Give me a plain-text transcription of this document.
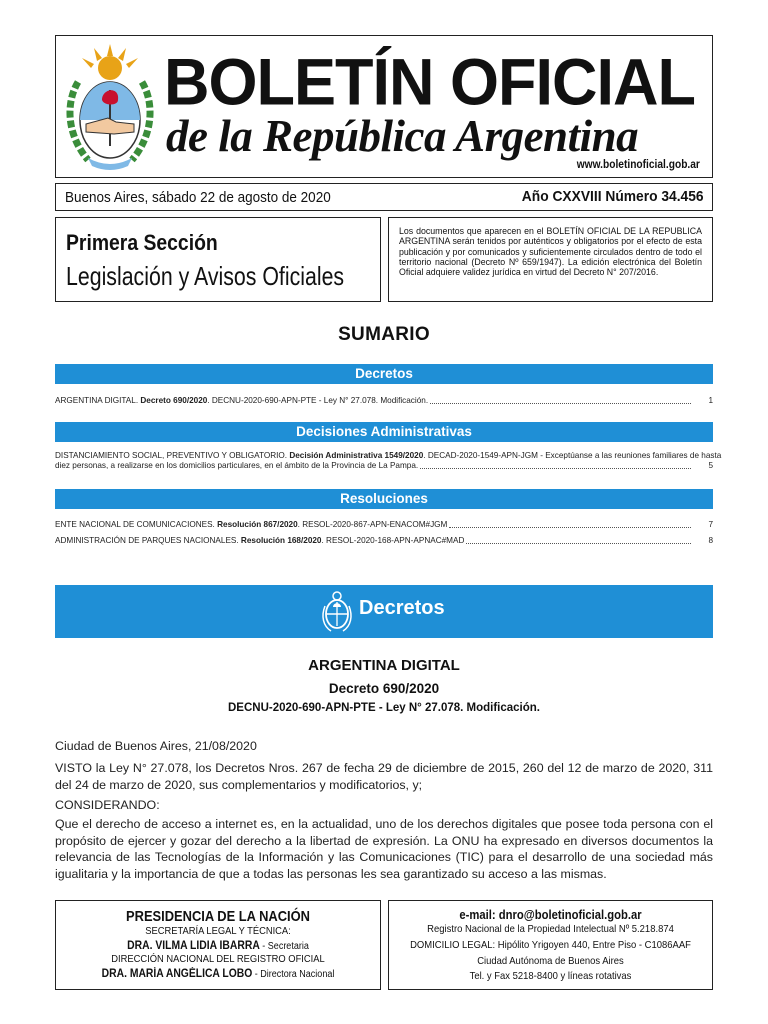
BOLETÍN OFICIAL
de la República Argentina
www.boletinoficial.gob.ar
Buenos Aires, sábado 22 de agosto de 2020	Año CXXVIII Número 34.456
Primera Sección
Legislación y Avisos Oficiales
Los documentos que aparecen en el BOLETÍN OFICIAL DE LA REPUBLICA ARGENTINA serán tenidos por auténticos y obligatorios por el efecto de esta publicación y por comunicados y suficientemente circulados dentro de todo el territorio nacional (Decreto Nº 659/1947). La edición electrónica del Boletín Oficial adquiere validez jurídica en virtud del Decreto N° 207/2016.
SUMARIO
Decretos
ARGENTINA DIGITAL. Decreto 690/2020. DECNU-2020-690-APN-PTE - Ley N° 27.078. Modificación.	1
Decisiones Administrativas
DISTANCIAMIENTO SOCIAL, PREVENTIVO Y OBLIGATORIO. Decisión Administrativa 1549/2020. DECAD-2020-1549-APN-JGM - Exceptúanse a las reuniones familiares de hasta
diez personas, a realizarse en los domicilios particulares, en el ámbito de la Provincia de La Pampa.	5
Resoluciones
ENTE NACIONAL DE COMUNICACIONES. Resolución 867/2020. RESOL-2020-867-APN-ENACOM#JGM	7
ADMINISTRACIÓN DE PARQUES NACIONALES. Resolución 168/2020. RESOL-2020-168-APN-APNAC#MAD	8
Decretos
ARGENTINA DIGITAL
Decreto 690/2020
DECNU-2020-690-APN-PTE - Ley N° 27.078. Modificación.
Ciudad de Buenos Aires, 21/08/2020
VISTO la Ley N° 27.078, los Decretos Nros. 267 de fecha 29 de diciembre de 2015, 260 del 12 de marzo de 2020, 311 del 24 de marzo de 2020, sus complementarios y modificatorios, y;
CONSIDERANDO:
Que el derecho de acceso a internet es, en la actualidad, uno de los derechos digitales que posee toda persona con el propósito de ejercer y gozar del derecho a la libertad de expresión. La ONU ha expresado en diversos documentos la relevancia de las Tecnologías de la Información y las Comunicaciones (TIC) para el desarrollo de una sociedad más igualitaria y la importancia de que a todas las personas les sea garantizado su acceso a las mismas.
PRESIDENCIA DE LA NACIÓN
SECRETARÍA LEGAL Y TÉCNICA:
DRA. VILMA LIDIA IBARRA - Secretaria
DIRECCIÓN NACIONAL DEL REGISTRO OFICIAL
DRA. MARÍA ANGÉLICA LOBO - Directora Nacional
e-mail: dnro@boletinoficial.gob.ar
Registro Nacional de la Propiedad Intelectual Nº 5.218.874
DOMICILIO LEGAL: Hipólito Yrigoyen 440, Entre Piso - C1086AAF
Ciudad Autónoma de Buenos Aires
Tel. y Fax 5218-8400 y líneas rotativas
